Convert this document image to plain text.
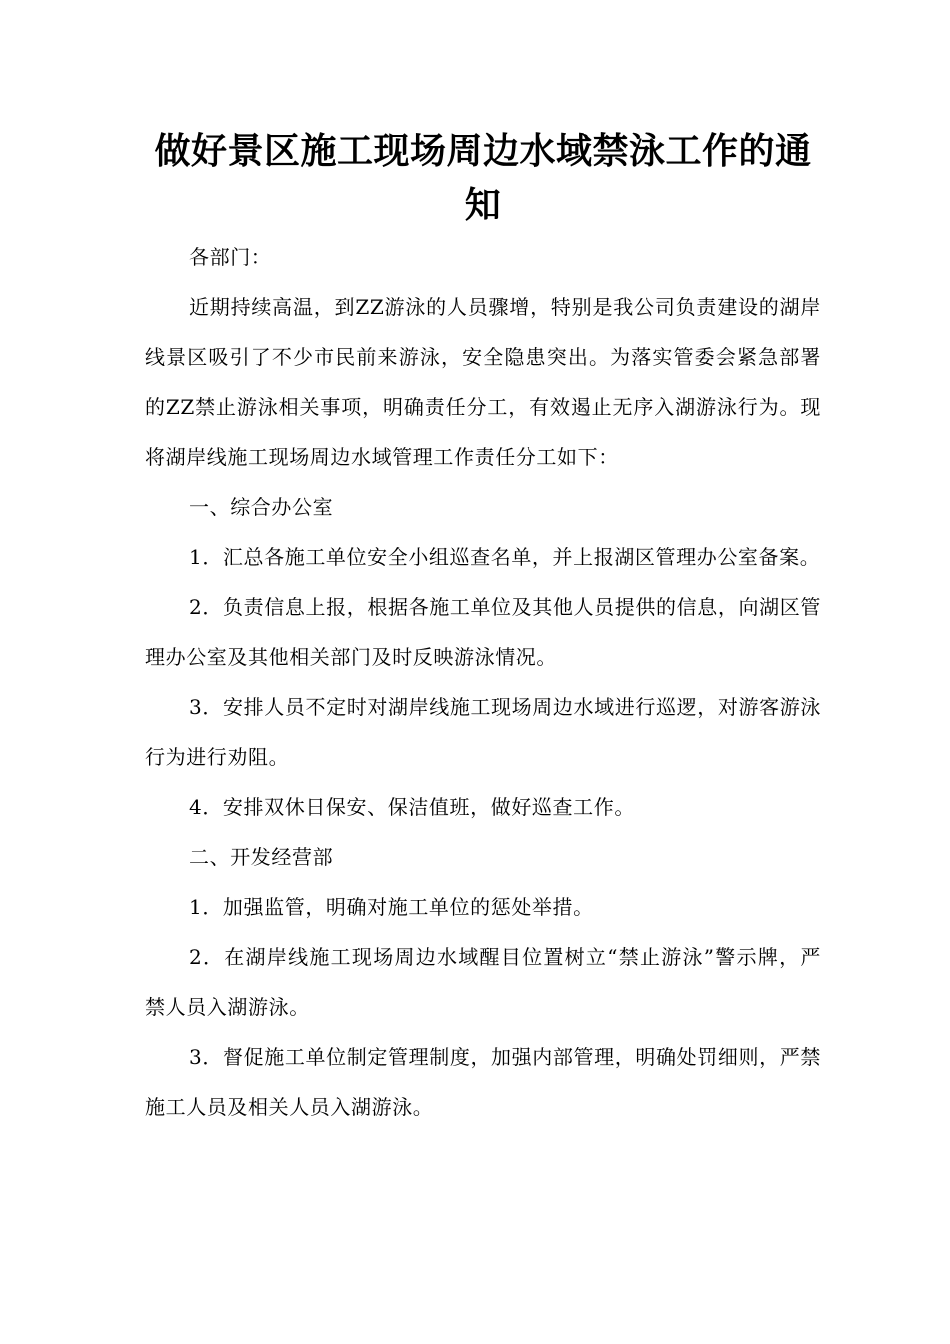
做好景区施工现场周边水域禁泳工作的通知

各部门：

近期持续高温，到ZZ游泳的人员骤增，特别是我公司负责建设的湖岸线景区吸引了不少市民前来游泳，安全隐患突出。为落实管委会紧急部署的ZZ禁止游泳相关事项，明确责任分工，有效遏止无序入湖游泳行为。现将湖岸线施工现场周边水域管理工作责任分工如下：

一、综合办公室

1．汇总各施工单位安全小组巡查名单，并上报湖区管理办公室备案。

2．负责信息上报，根据各施工单位及其他人员提供的信息，向湖区管理办公室及其他相关部门及时反映游泳情况。

3．安排人员不定时对湖岸线施工现场周边水域进行巡逻，对游客游泳行为进行劝阻。

4．安排双休日保安、保洁值班，做好巡查工作。

二、开发经营部

1．加强监管，明确对施工单位的惩处举措。

2．在湖岸线施工现场周边水域醒目位置树立“禁止游泳”警示牌，严禁人员入湖游泳。

3．督促施工单位制定管理制度，加强内部管理，明确处罚细则，严禁施工人员及相关人员入湖游泳。
